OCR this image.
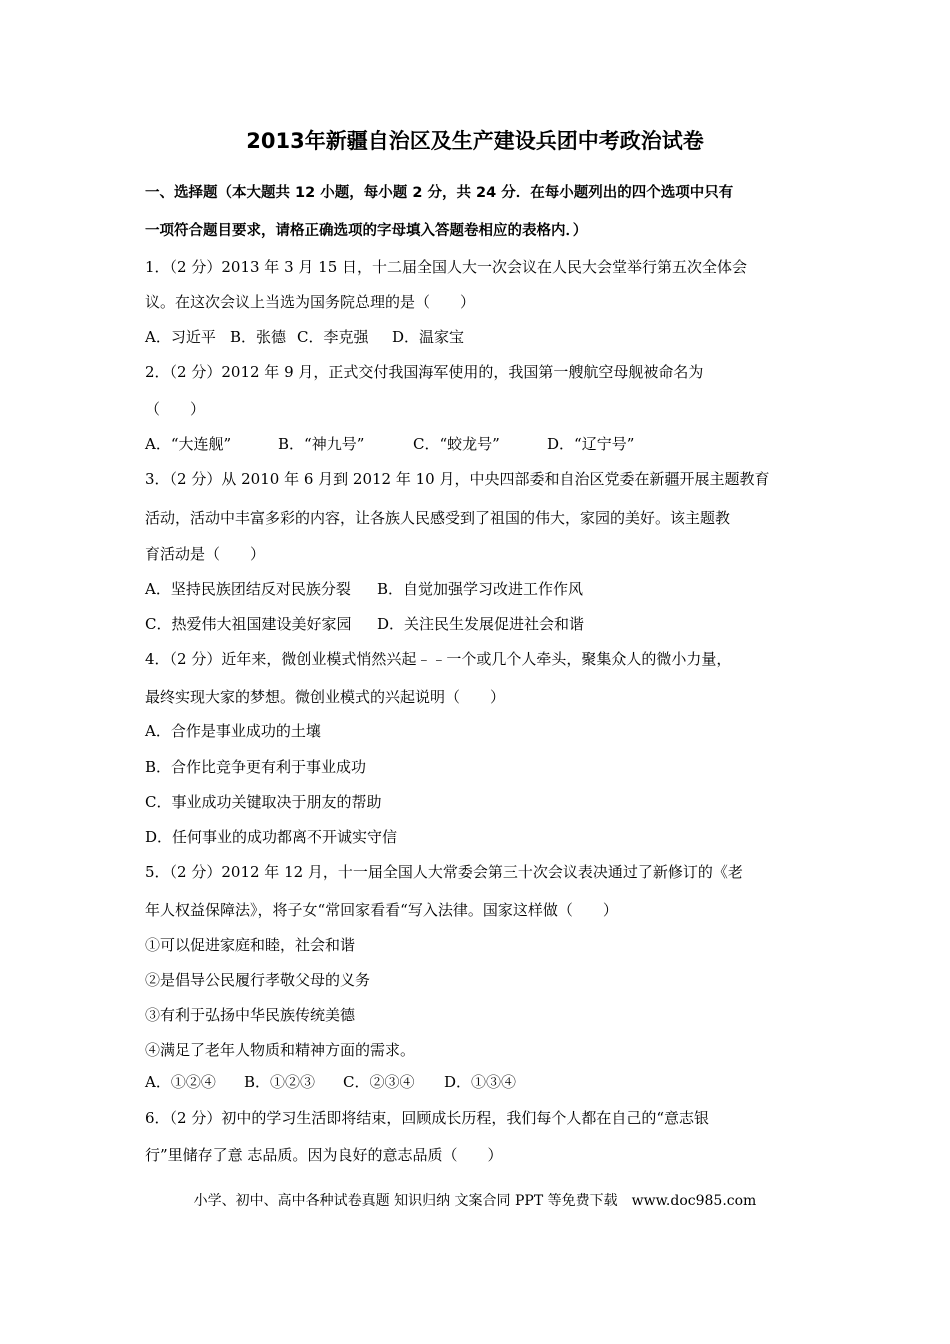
2013年新疆自治区及生产建设兵团中考政治试卷
一、选择题（本大题共 12 小题，每小题 2 分，共 24 分．在每小题列出的四个选项中只有
一项符合题目要求，请格正确选项的字母填入答题卷相应的表格内．）
1．（2 分）2013 年 3 月 15 日，十二届全国人大一次会议在人民大会堂举行第五次全体会
议。在这次会议上当选为国务院总理的是（　　）
A．习近平 B．张德 C．李克强 D．温家宝
2．（2 分）2012 年 9 月，正式交付我国海军使用的，我国第一艘航空母舰被命名为
（　　）
A．“大连舰”	B．“神九号”	C．“蛟龙号”	D．“辽宁号”
3．（2 分）从 2010 年 6 月到 2012 年 10 月，中央四部委和自治区党委在新疆开展主题教育
活动，活动中丰富多彩的内容，让各族人民感受到了祖国的伟大，家园的美好。该主题教
育活动是（　　）
A．坚持民族团结反对民族分裂 B．自觉加强学习改进工作作风
C．热爱伟大祖国建设美好家园 D．关注民生发展促进社会和谐
4．（2 分）近年来，微创业模式悄然兴起﹣﹣一个或几个人牵头，聚集众人的微小力量，
最终实现大家的梦想。微创业模式的兴起说明（　　）
A．合作是事业成功的土壤
B．合作比竞争更有利于事业成功
C．事业成功关键取决于朋友的帮助
D．任何事业的成功都离不开诚实守信
5．（2 分）2012 年 12 月，十一届全国人大常委会第三十次会议表决通过了新修订的《老
年人权益保障法》，将子女“常回家看看“写入法律。国家这样做（　　）
①可以促进家庭和睦，社会和谐
②是倡导公民履行孝敬父母的义务
③有利于弘扬中华民族传统美德
④满足了老年人物质和精神方面的需求。
A．①②④ B．①②③ C．②③④ D．①③④
6．（2 分）初中的学习生活即将结束，回顾成长历程，我们每个人都在自己的“意志银
行”里储存了意 志品质。因为良好的意志品质（　　）
小学、初中、高中各种试卷真题 知识归纳 文案合同 PPT 等免费下载　www.doc985.com
